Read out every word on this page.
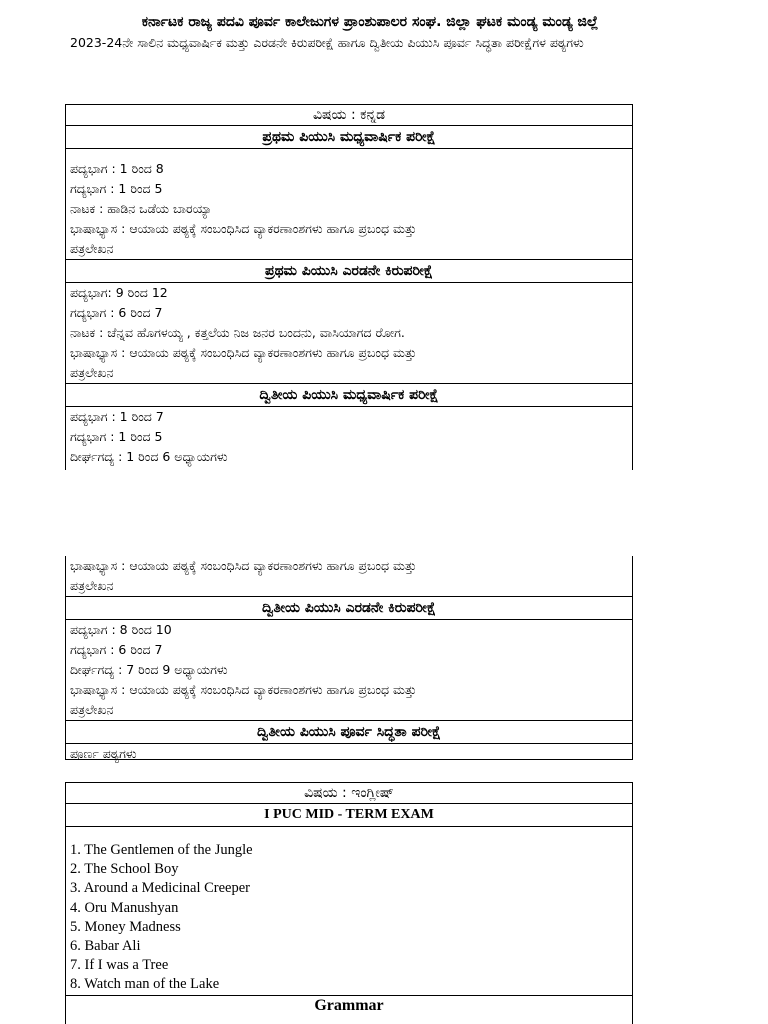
ಕರ್ನಾಟಕ ರಾಜ್ಯ ಪದವಿ ಪೂರ್ವ ಕಾಲೇಜುಗಳ ಪ್ರಾಂಶುಪಾಲರ ಸಂಘ. ಜಿಲ್ಲಾ ಘಟಕ ಮಂಡ್ಯ ಮಂಡ್ಯ ಜಿಲ್ಲೆ
2023-24ನೇ ಸಾಲಿನ ಮಧ್ಯವಾರ್ಷಿಕ ಮತ್ತು ಎರಡನೇ ಕಿರುಪರೀಕ್ಷೆ ಹಾಗೂ ದ್ವಿತೀಯ ಪಿಯುಸಿ ಪೂರ್ವ ಸಿದ್ಧತಾ ಪರೀಕ್ಷೆಗಳ ಪಠ್ಯಗಳು
ವಿಷಯ : ಕನ್ನಡ
ಪ್ರಥಮ ಪಿಯುಸಿ ಮಧ್ಯವಾರ್ಷಿಕ ಪರೀಕ್ಷೆ
ಪದ್ಯಭಾಗ : 1 ರಿಂದ 8
ಗದ್ಯಭಾಗ : 1 ರಿಂದ 5
ನಾಟಕ : ಹಾಡಿನ ಒಡೆಯ ಬಾರಯ್ಯಾ
ಭಾಷಾಭ್ಯಾಸ : ಆಯಾಯ ಪಠ್ಯಕ್ಕೆ ಸಂಬಂಧಿಸಿದ ವ್ಯಾಕರಣಾಂಶಗಳು ಹಾಗೂ ಪ್ರಬಂಧ ಮತ್ತು
ಪತ್ರಲೇಖನ
ಪ್ರಥಮ ಪಿಯುಸಿ ಎರಡನೇ ಕಿರುಪರೀಕ್ಷೆ
ಪದ್ಯಭಾಗ: 9 ರಿಂದ 12
ಗದ್ಯಭಾಗ : 6 ರಿಂದ 7
ನಾಟಕ : ಚೆನ್ನವ ಹೊಗಳಯ್ಯ , ಕತ್ತಲೆಯ ನಿಜ ಜನರ ಬಂದನು, ವಾಸಿಯಾಗದ ರೋಗ.
ಭಾಷಾಭ್ಯಾಸ : ಆಯಾಯ ಪಠ್ಯಕ್ಕೆ ಸಂಬಂಧಿಸಿದ ವ್ಯಾಕರಣಾಂಶಗಳು ಹಾಗೂ ಪ್ರಬಂಧ ಮತ್ತು
ಪತ್ರಲೇಖನ
ದ್ವಿತೀಯ ಪಿಯುಸಿ ಮಧ್ಯವಾರ್ಷಿಕ ಪರೀಕ್ಷೆ
ಪದ್ಯಭಾಗ : 1 ರಿಂದ 7
ಗದ್ಯಭಾಗ : 1 ರಿಂದ 5
ದೀರ್ಘಗದ್ಯ : 1 ರಿಂದ 6 ಅಧ್ಯಾಯಗಳು
ಭಾಷಾಭ್ಯಾಸ : ಆಯಾಯ ಪಠ್ಯಕ್ಕೆ ಸಂಬಂಧಿಸಿದ ವ್ಯಾಕರಣಾಂಶಗಳು ಹಾಗೂ ಪ್ರಬಂಧ ಮತ್ತು
ಪತ್ರಲೇಖನ
ದ್ವಿತೀಯ ಪಿಯುಸಿ ಎರಡನೇ ಕಿರುಪರೀಕ್ಷೆ
ಪದ್ಯಭಾಗ : 8 ರಿಂದ 10
ಗದ್ಯಭಾಗ : 6 ರಿಂದ 7
ದೀರ್ಘಗದ್ಯ : 7 ರಿಂದ 9 ಅಧ್ಯಾಯಗಳು
ಭಾಷಾಭ್ಯಾಸ : ಆಯಾಯ ಪಠ್ಯಕ್ಕೆ ಸಂಬಂಧಿಸಿದ ವ್ಯಾಕರಣಾಂಶಗಳು ಹಾಗೂ ಪ್ರಬಂಧ ಮತ್ತು
ಪತ್ರಲೇಖನ
ದ್ವಿತೀಯ ಪಿಯುಸಿ ಪೂರ್ವ ಸಿದ್ಧತಾ ಪರೀಕ್ಷೆ
ಪೂರ್ಣ ಪಠ್ಯಗಳು
ವಿಷಯ : ಇಂಗ್ಲೀಷ್
I PUC MID - TERM EXAM
1. The Gentlemen of the Jungle
2. The School Boy
3. Around a Medicinal Creeper
4. Oru Manushyan
5. Money Madness
6. Babar Ali
7. If I was a Tree
8. Watch man of the Lake
Grammar
